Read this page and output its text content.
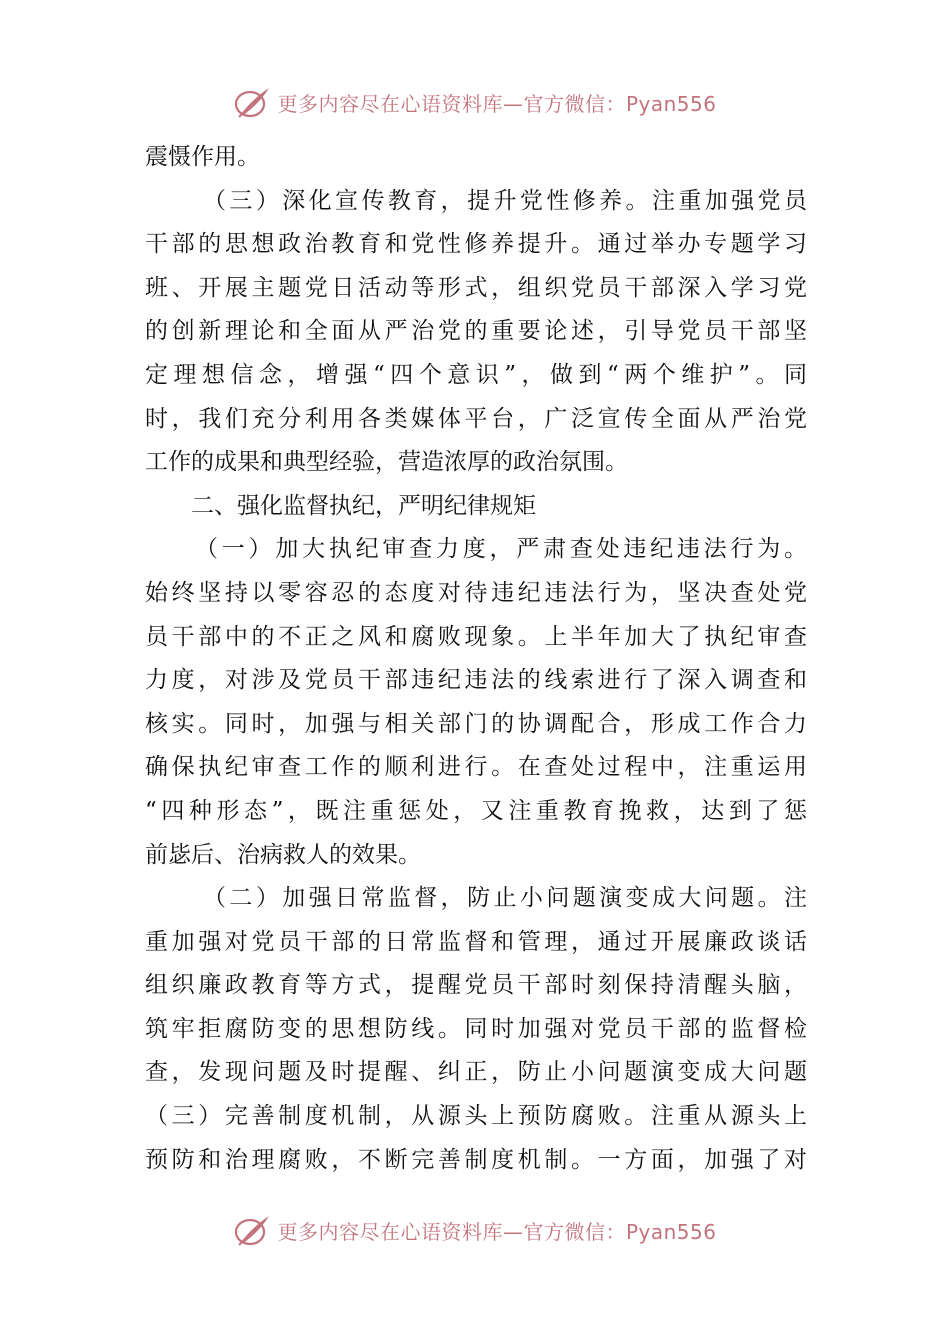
更多内容尽在心语资料库—官方微信：Pyan556
震慑作用。
（三）深化宣传教育，提升党性修养。注重加强党员
干部的思想政治教育和党性修养提升。通过举办专题学习
班、开展主题党日活动等形式，组织党员干部深入学习党
的创新理论和全面从严治党的重要论述，引导党员干部坚
定理想信念，增强“四个意识”，做到“两个维护”。同
时，我们充分利用各类媒体平台，广泛宣传全面从严治党
工作的成果和典型经验，营造浓厚的政治氛围。
二、强化监督执纪，严明纪律规矩
（一）加大执纪审查力度，严肃查处违纪违法行为。
始终坚持以零容忍的态度对待违纪违法行为，坚决查处党
员干部中的不正之风和腐败现象。上半年加大了执纪审查
力度，对涉及党员干部违纪违法的线索进行了深入调查和
核实。同时，加强与相关部门的协调配合，形成工作合力
确保执纪审查工作的顺利进行。在查处过程中，注重运用
“四种形态”，既注重惩处，又注重教育挽救，达到了惩
前毖后、治病救人的效果。
（二）加强日常监督，防止小问题演变成大问题。注
重加强对党员干部的日常监督和管理，通过开展廉政谈话
组织廉政教育等方式，提醒党员干部时刻保持清醒头脑，
筑牢拒腐防变的思想防线。同时加强对党员干部的监督检
查，发现问题及时提醒、纠正，防止小问题演变成大问题
（三）完善制度机制，从源头上预防腐败。注重从源头上
预防和治理腐败，不断完善制度机制。一方面，加强了对
更多内容尽在心语资料库—官方微信：Pyan556
